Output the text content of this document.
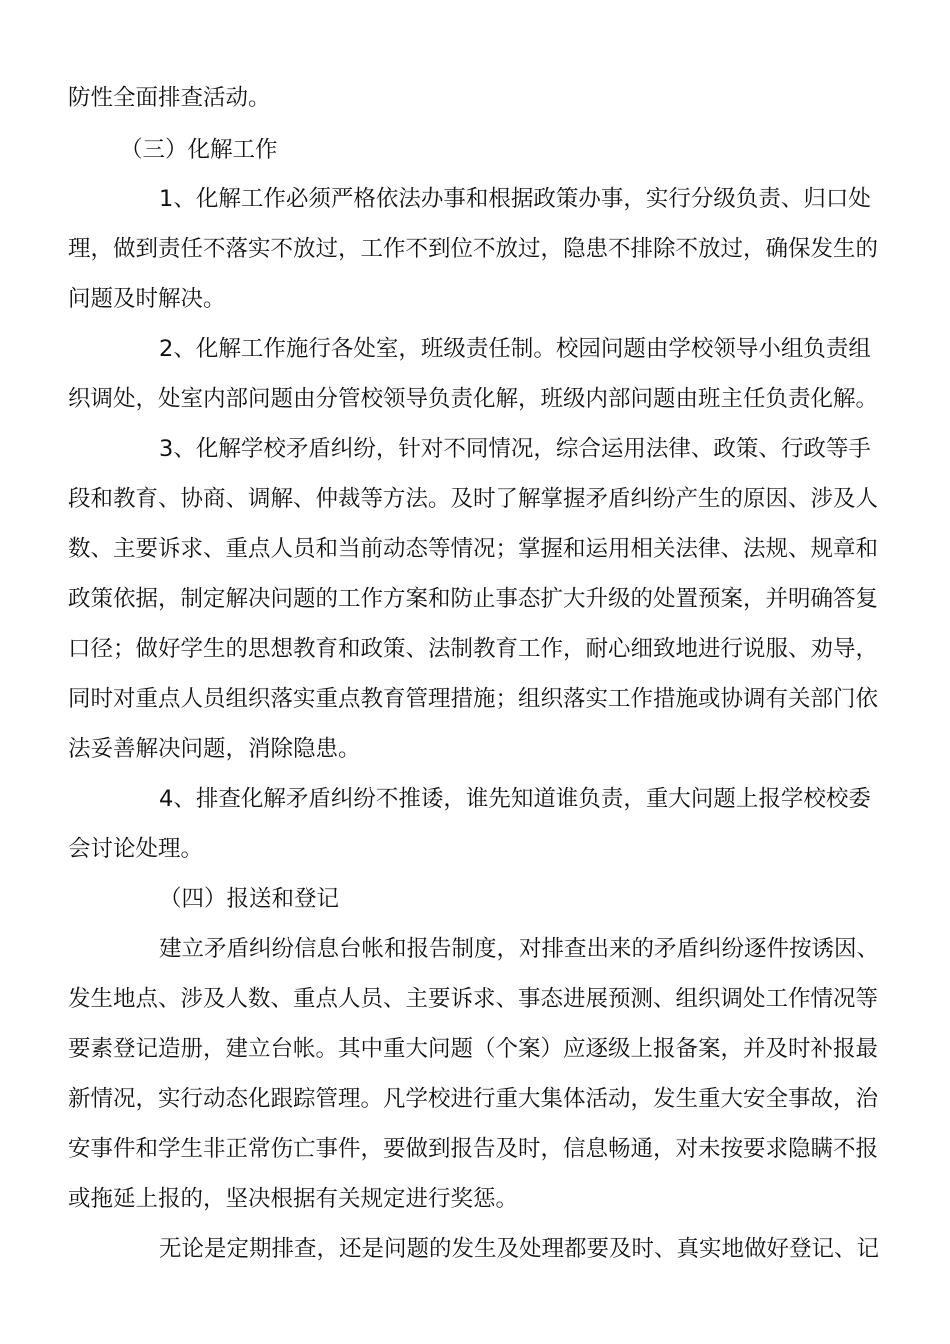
防性全面排查活动。
（三）化解工作
1、化解工作必须严格依法办事和根据政策办事，实行分级负责、归口处
理，做到责任不落实不放过，工作不到位不放过，隐患不排除不放过，确保发生的
问题及时解决。
2、化解工作施行各处室，班级责任制。校园问题由学校领导小组负责组
织调处，处室内部问题由分管校领导负责化解，班级内部问题由班主任负责化解。
3、化解学校矛盾纠纷，针对不同情况，综合运用法律、政策、行政等手
段和教育、协商、调解、仲裁等方法。及时了解掌握矛盾纠纷产生的原因、涉及人
数、主要诉求、重点人员和当前动态等情况；掌握和运用相关法律、法规、规章和
政策依据，制定解决问题的工作方案和防止事态扩大升级的处置预案，并明确答复
口径；做好学生的思想教育和政策、法制教育工作，耐心细致地进行说服、劝导，
同时对重点人员组织落实重点教育管理措施；组织落实工作措施或协调有关部门依
法妥善解决问题，消除隐患。
4、排查化解矛盾纠纷不推诿，谁先知道谁负责，重大问题上报学校校委
会讨论处理。
（四）报送和登记
建立矛盾纠纷信息台帐和报告制度，对排查出来的矛盾纠纷逐件按诱因、
发生地点、涉及人数、重点人员、主要诉求、事态进展预测、组织调处工作情况等
要素登记造册，建立台帐。其中重大问题（个案）应逐级上报备案，并及时补报最
新情况，实行动态化跟踪管理。凡学校进行重大集体活动，发生重大安全事故，治
安事件和学生非正常伤亡事件，要做到报告及时，信息畅通，对未按要求隐瞒不报
或拖延上报的，坚决根据有关规定进行奖惩。
无论是定期排查，还是问题的发生及处理都要及时、真实地做好登记、记
